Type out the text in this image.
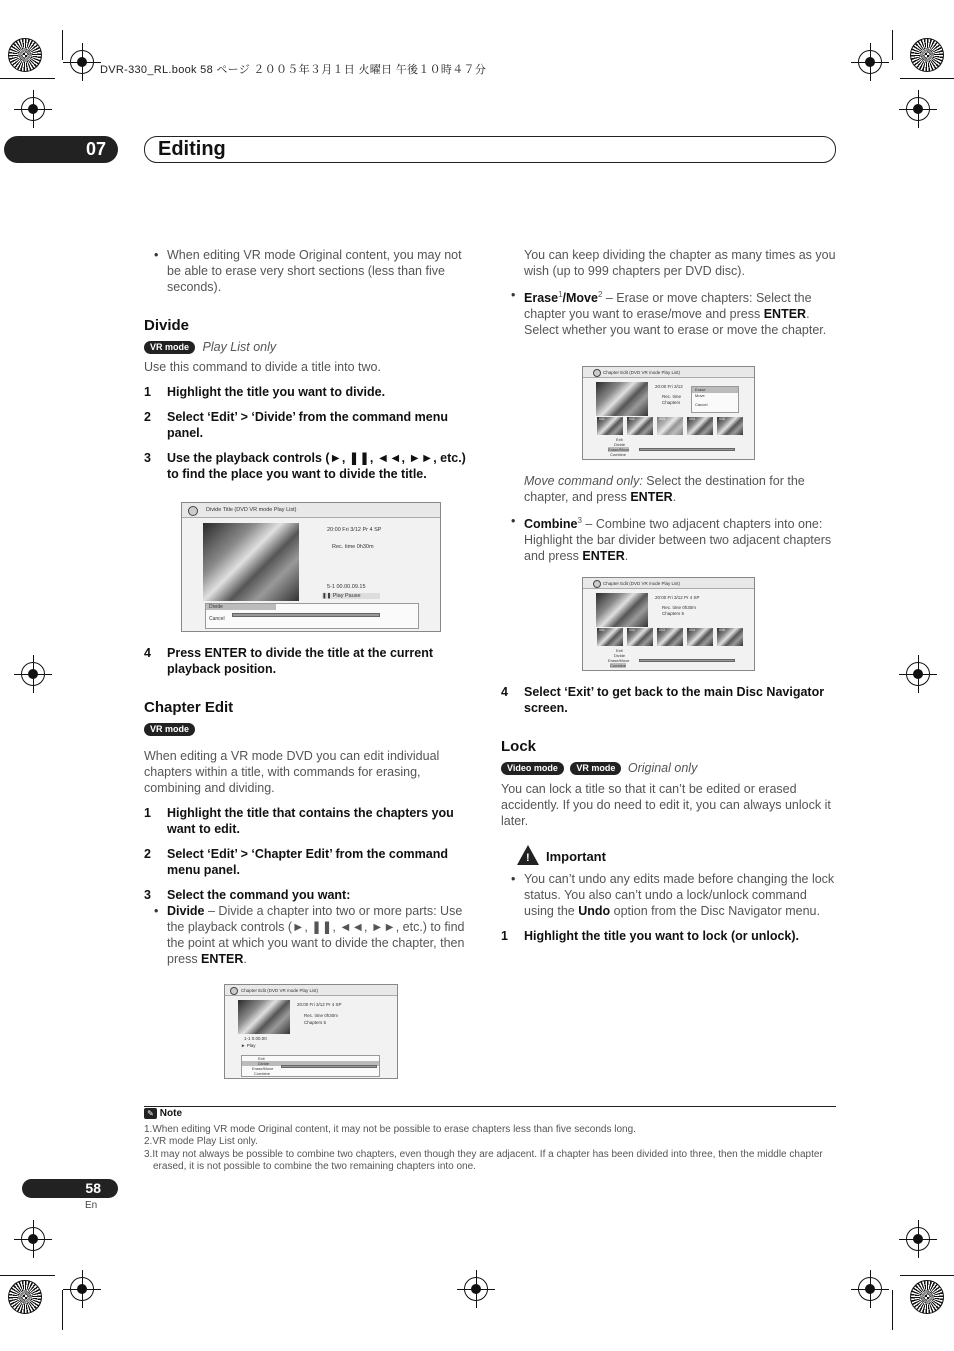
DVR-330_RL.book 58 ページ ２００５年３月１日 火曜日 午後１０時４７分
07	Editing

• When editing VR mode Original content, you may not be able to erase very short sections (less than five seconds).

Divide
VR mode Play List only

Use this command to divide a title into two.

1 Highlight the title you want to divide.

2 Select ‘Edit’ > ‘Divide’ from the command menu panel.

3 Use the playback controls (►, ❚❚, ◄◄, ►►, etc.) to find the place you want to divide the title.

Divide Title (DVD VR mode Play List)
20:00 Fri 3/12 Pr 4 SP
Rec. time 0h30m
5-1 00.00.09.15
❚❚ Play Pause
Divide
Cancel

4 Press ENTER to divide the title at the current playback position.

Chapter Edit
VR mode

When editing a VR mode DVD you can edit individual chapters within a title, with commands for erasing, combining and dividing.

1 Highlight the title that contains the chapters you want to edit.

2 Select ‘Edit’ > ‘Chapter Edit’ from the command menu panel.

3 Select the command you want:

• Divide – Divide a chapter into two or more parts: Use the playback controls (►, ❚❚, ◄◄, ►►, etc.) to find the point at which you want to divide the chapter, then press ENTER.

Chapter Edit (DVD VR mode Play List)
20:00 Fri 3/12 Pr 4 SP
Rec. time 0h30m
Chapters 5
1-1 0.00.00
► Play
Exit
Divide
Erase/Move
Combine

You can keep dividing the chapter as many times as you wish (up to 999 chapters per DVD disc).

• Erase$^1$/Move$^2$ – Erase or move chapters: Select the chapter you want to erase/move and press ENTER. Select whether you want to erase or move the chapter.

Chapter Edit (DVD VR mode Play List)
20:00 Fri 3/12
Rec. time
Chapters
Erase
Move
Cancel
001	002	003	004	005
Exit
Divide
Erase/Move
Combine

Move command only: Select the destination for the chapter, and press ENTER.

• Combine$^3$ – Combine two adjacent chapters into one: Highlight the bar divider between two adjacent chapters and press ENTER.

Chapter Edit (DVD VR mode Play List)
20:00 Fri 3/12 Pr 4 SP
Rec. time 0h30m
Chapters 5
001	002	003	004	005
Exit
Divide
Erase/Move
Combine

4 Select ‘Exit’ to get back to the main Disc Navigator screen.

Lock
Video mode VR mode Original only

You can lock a title so that it can’t be edited or erased accidently. If you do need to edit it, you can always unlock it later.

! Important

• You can’t undo any edits made before changing the lock status. You also can’t undo a lock/unlock command using the Undo option from the Disc Navigator menu.

1 Highlight the title you want to lock (or unlock).

✎ Note

1.When editing VR mode Original content, it may not be possible to erase chapters less than five seconds long.

2.VR mode Play List only.

3.It may not always be possible to combine two chapters, even though they are adjacent. If a chapter has been divided into three, then the middle chapter erased, it is not possible to combine the two remaining chapters into one.

58
En
